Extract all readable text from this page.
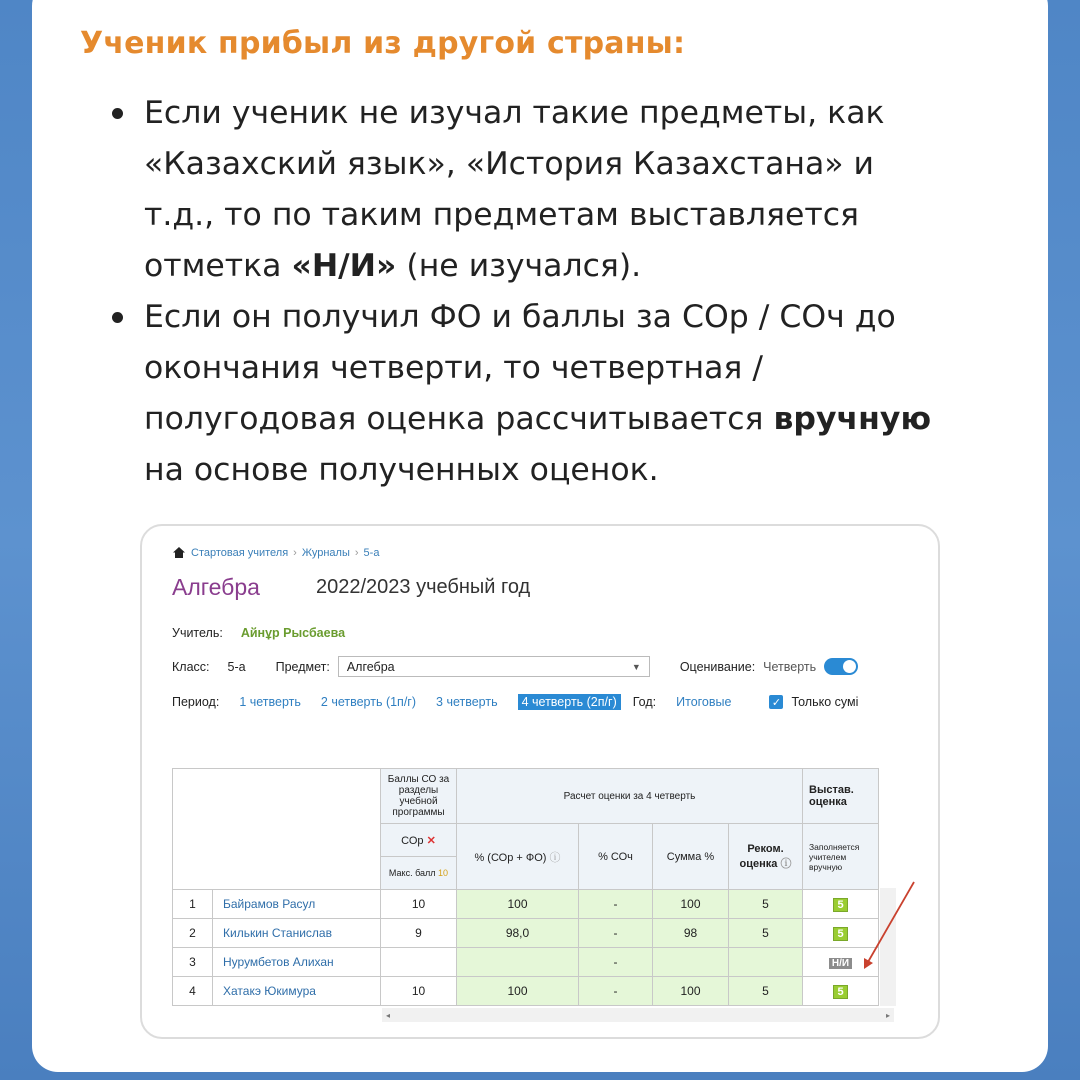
Ученик прибыл из другой страны:
Если ученик не изучал такие предметы, как «Казахский язык», «История Казахстана» и т.д., то по таким предметам выставляется отметка «Н/И» (не изучался).
Если он получил ФО и баллы за СОр / СОч до окончания четверти, то четвертная / полугодовая оценка рассчитывается вручную на основе полученных оценок.
Стартовая учителя › Журналы › 5-а
Алгебра	2022/2023 учебный год
Учитель: Айнұр Рысбаева
Класс: 5-а Предмет: Алгебра	▼	Оценивание: Четверть
Период: 1 четверть 2 четверть (1п/г) 3 четверть	4 четверть (2п/г)	Год: Итоговые	✓ Только сумі
		Баллы СО за разделы учебной программы	Расчет оценки за 4 четверть				Выстав. оценка
		СОр ✕	% (СОр + ФО) ⓘ	% СОч	Сумма %	Реком. оценка ⓘ	Заполняется учителем вручную
		Макс. балл 10					
1	Байрамов Расул	10	100	-	100	5	5
2	Килькин Станислав	9	98,0	-	98	5	5
3	Нурумбетов Алихан			-			Н/И
4	Хатакэ Юкимура	10	100	-	100	5	5
◂	▸
